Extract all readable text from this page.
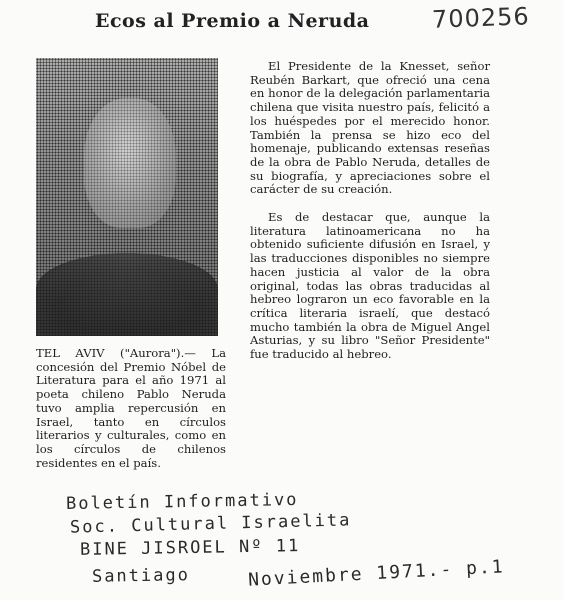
Ecos al Premio a Neruda	700256

TEL AVIV ("Aurora").— La concesión del Premio Nóbel de Literatura para el año 1971 al poeta chileno Pablo Neruda tuvo amplia repercusión en Israel, tanto en círculos literarios y culturales, como en los círculos de chilenos residentes en el país.

El Presidente de la Knesset, señor Reubén Barkart, que ofreció una cena en honor de la delegación parlamentaria chilena que visita nuestro país, felicitó a los huéspedes por el merecido honor. También la prensa se hizo eco del homenaje, publicando extensas reseñas de la obra de Pablo Neruda, detalles de su biografía, y apreciaciones sobre el carácter de su creación.

Es de destacar que, aunque la literatura latinoamericana no ha obtenido suficiente difusión en Israel, y las traducciones disponibles no siempre hacen justicia al valor de la obra original, todas las obras traducidas al hebreo lograron un eco favorable en la crítica literaria israelí, que destacó mucho también la obra de Miguel Angel Asturias, y su libro "Señor Presidente" fue traducido al hebreo.

Boletín Informativo
Soc. Cultural Israelita
BINE JISROEL Nº 11
Santiago	Noviembre 1971.- p.1
